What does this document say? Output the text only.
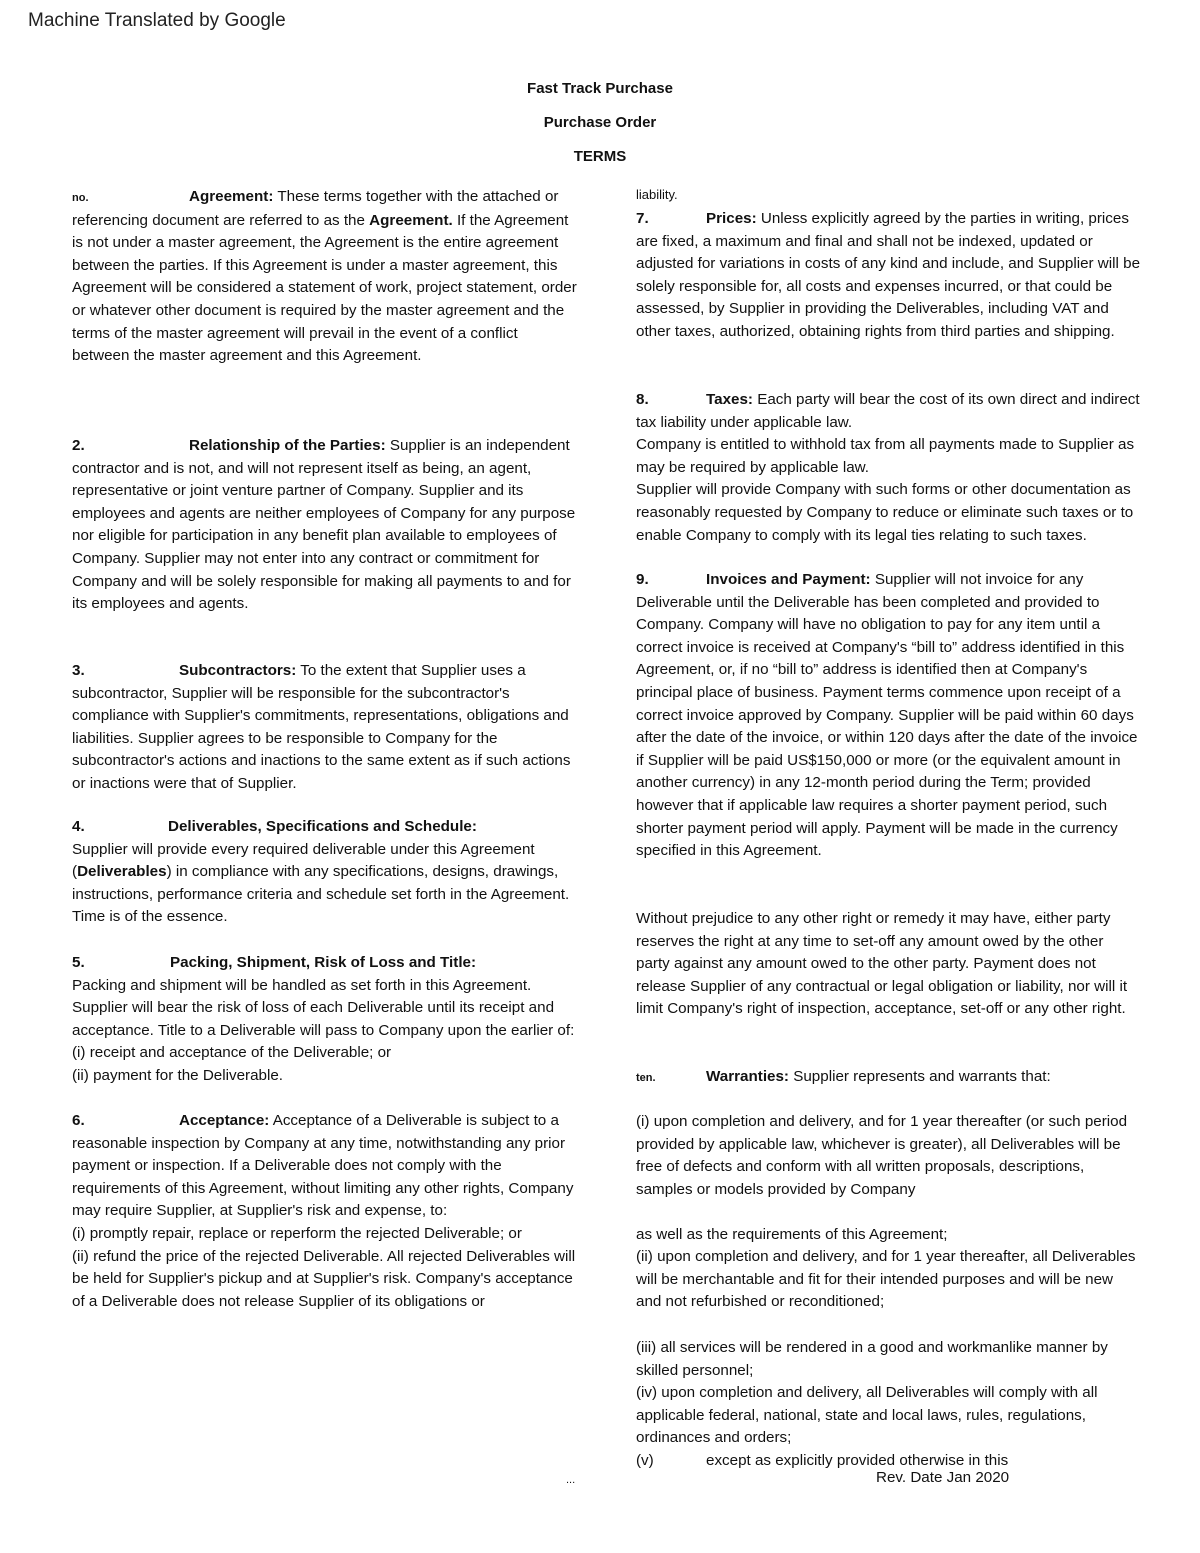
Machine Translated by Google
Fast Track Purchase
Purchase Order
TERMS
no.	Agreement: These terms together with the attached or referencing document are referred to as the Agreement. If the Agreement is not under a master agreement, the Agreement is the entire agreement between the parties. If this Agreement is under a master agreement, this Agreement will be considered a statement of work, project statement, order or whatever other document is required by the master agreement and the terms of the master agreement will prevail in the event of a conflict between the master agreement and this Agreement.
2.	Relationship of the Parties: Supplier is an independent contractor and is not, and will not represent itself as being, an agent, representative or joint venture partner of Company. Supplier and its employees and agents are neither employees of Company for any purpose nor eligible for participation in any benefit plan available to employees of Company. Supplier may not enter into any contract or commitment for Company and will be solely responsible for making all payments to and for its employees and agents.
3.	Subcontractors: To the extent that Supplier uses a subcontractor, Supplier will be responsible for the subcontractor's compliance with Supplier's commitments, representations, obligations and liabilities. Supplier agrees to be responsible to Company for the subcontractor's actions and inactions to the same extent as if such actions or inactions were that of Supplier.
4.	Deliverables, Specifications and Schedule:
Supplier will provide every required deliverable under this Agreement (Deliverables) in compliance with any specifications, designs, drawings, instructions, performance criteria and schedule set forth in the Agreement. Time is of the essence.
5.	Packing, Shipment, Risk of Loss and Title:
Packing and shipment will be handled as set forth in this Agreement. Supplier will bear the risk of loss of each Deliverable until its receipt and acceptance. Title to a Deliverable will pass to Company upon the earlier of:
(i) receipt and acceptance of the Deliverable; or
(ii) payment for the Deliverable.
6.	Acceptance: Acceptance of a Deliverable is subject to a reasonable inspection by Company at any time, notwithstanding any prior payment or inspection. If a Deliverable does not comply with the requirements of this Agreement, without limiting any other rights, Company may require Supplier, at Supplier's risk and expense, to:
(i) promptly repair, replace or reperform the rejected Deliverable; or
(ii) refund the price of the rejected Deliverable. All rejected Deliverables will be held for Supplier's pickup and at Supplier's risk. Company's acceptance of a Deliverable does not release Supplier of its obligations or
liability.
7.	Prices: Unless explicitly agreed by the parties in writing, prices are fixed, a maximum and final and shall not be indexed, updated or adjusted for variations in costs of any kind and include, and Supplier will be solely responsible for, all costs and expenses incurred, or that could be assessed, by Supplier in providing the Deliverables, including VAT and other taxes, authorized, obtaining rights from third parties and shipping.
8.	Taxes: Each party will bear the cost of its own direct and indirect tax liability under applicable law.
Company is entitled to withhold tax from all payments made to Supplier as may be required by applicable law.
Supplier will provide Company with such forms or other documentation as reasonably requested by Company to reduce or eliminate such taxes or to enable Company to comply with its legal ties relating to such taxes.
9.	Invoices and Payment: Supplier will not invoice for any Deliverable until the Deliverable has been completed and provided to Company. Company will have no obligation to pay for any item until a correct invoice is received at Company's “bill to” address identified in this Agreement, or, if no “bill to” address is identified then at Company's principal place of business. Payment terms commence upon receipt of a correct invoice approved by Company. Supplier will be paid within 60 days after the date of the invoice, or within 120 days after the date of the invoice if Supplier will be paid US$150,000 or more (or the equivalent amount in another currency) in any 12-month period during the Term; provided however that if applicable law requires a shorter payment period, such shorter payment period will apply. Payment will be made in the currency specified in this Agreement.
Without prejudice to any other right or remedy it may have, either party reserves the right at any time to set-off any amount owed by the other party against any amount owed to the other party. Payment does not release Supplier of any contractual or legal obligation or liability, nor will it limit Company's right of inspection, acceptance, set-off or any other right.
ten.	Warranties: Supplier represents and warrants that:
(i) upon completion and delivery, and for 1 year thereafter (or such period provided by applicable law, whichever is greater), all Deliverables will be free of defects and conform with all written proposals, descriptions, samples or models provided by Company
as well as the requirements of this Agreement;
(ii) upon completion and delivery, and for 1 year thereafter, all Deliverables will be merchantable and fit for their intended purposes and will be new and not refurbished or reconditioned;
(iii) all services will be rendered in a good and workmanlike manner by skilled personnel;
(iv) upon completion and delivery, all Deliverables will comply with all applicable federal, national, state and local laws, rules, regulations, ordinances and orders;
(v)	except as explicitly provided otherwise in this
...	Rev. Date Jan 2020
